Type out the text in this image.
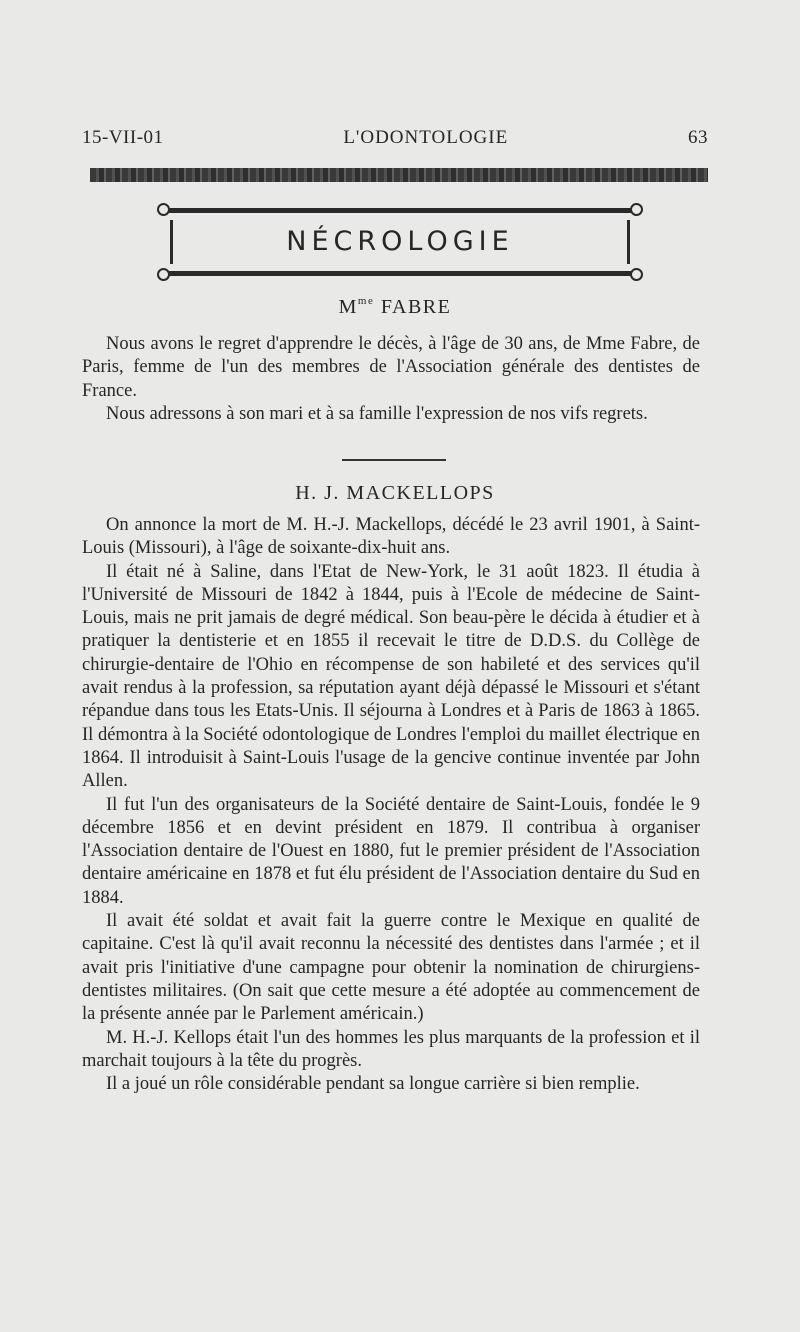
15-VII-01	L'ODONTOLOGIE	63
NÉCROLOGIE
$M^{me}$ FABRE

Nous avons le regret d'apprendre le décès, à l'âge de 30 ans, de Mme Fabre, de Paris, femme de l'un des membres de l'Association générale des dentistes de France.

Nous adressons à son mari et à sa famille l'expression de nos vifs regrets.

H. J. MACKELLOPS

On annonce la mort de M. H.-J. Mackellops, décédé le 23 avril 1901, à Saint-Louis (Missouri), à l'âge de soixante-dix-huit ans.

Il était né à Saline, dans l'Etat de New-York, le 31 août 1823. Il étudia à l'Université de Missouri de 1842 à 1844, puis à l'Ecole de médecine de Saint-Louis, mais ne prit jamais de degré médical. Son beau-père le décida à étudier et à pratiquer la dentisterie et en 1855 il recevait le titre de D.D.S. du Collège de chirurgie-dentaire de l'Ohio en récompense de son habileté et des services qu'il avait rendus à la profession, sa réputation ayant déjà dépassé le Missouri et s'étant répandue dans tous les Etats-Unis. Il séjourna à Londres et à Paris de 1863 à 1865. Il démontra à la Société odontologique de Londres l'emploi du maillet électrique en 1864. Il introduisit à Saint-Louis l'usage de la gencive continue inventée par John Allen.

Il fut l'un des organisateurs de la Société dentaire de Saint-Louis, fondée le 9 décembre 1856 et en devint président en 1879. Il contribua à organiser l'Association dentaire de l'Ouest en 1880, fut le premier président de l'Association dentaire américaine en 1878 et fut élu président de l'Association dentaire du Sud en 1884.

Il avait été soldat et avait fait la guerre contre le Mexique en qualité de capitaine. C'est là qu'il avait reconnu la nécessité des dentistes dans l'armée ; et il avait pris l'initiative d'une campagne pour obtenir la nomination de chirurgiens-dentistes militaires. (On sait que cette mesure a été adoptée au commencement de la présente année par le Parlement américain.)

M. H.-J. Kellops était l'un des hommes les plus marquants de la profession et il marchait toujours à la tête du progrès.

Il a joué un rôle considérable pendant sa longue carrière si bien remplie.
